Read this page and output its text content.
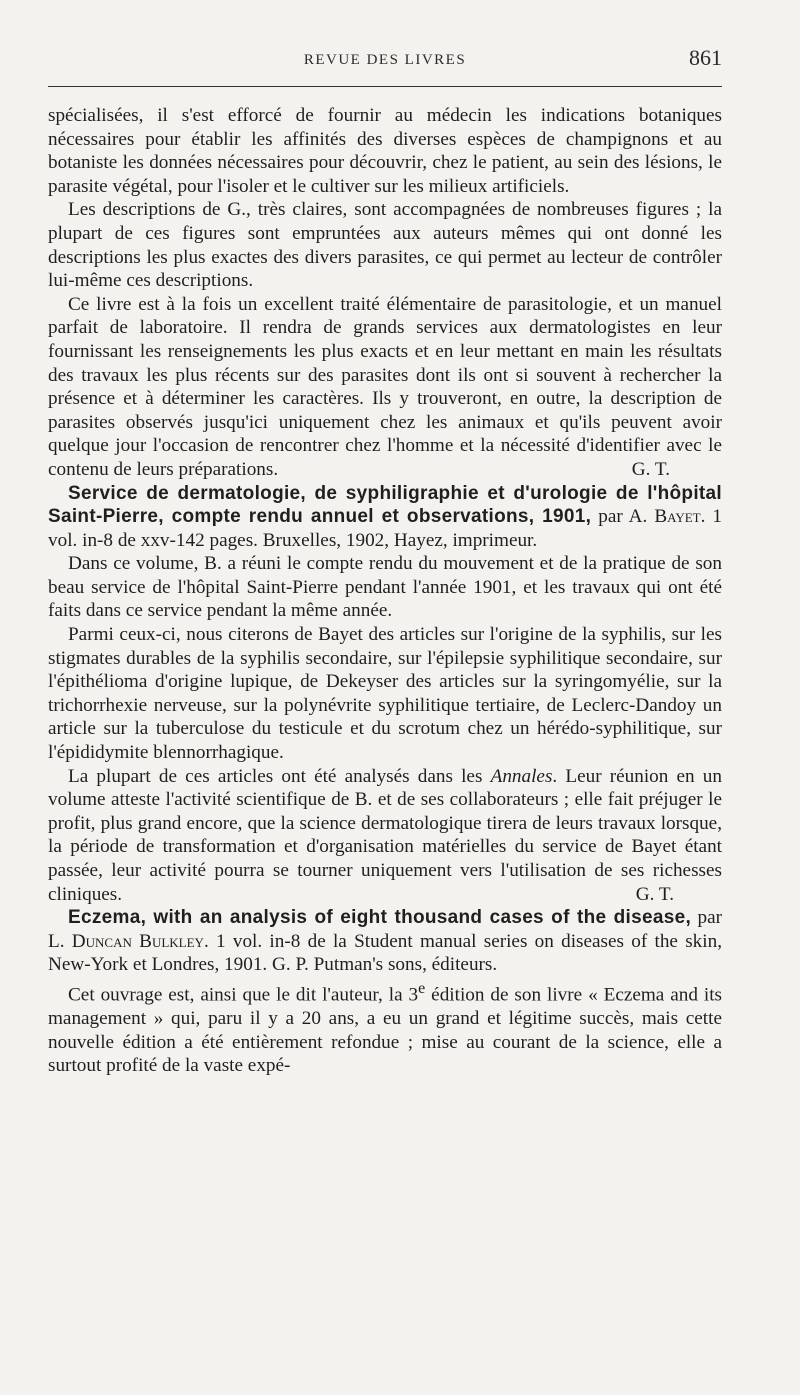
REVUE DES LIVRES	861

spécialisées, il s'est efforcé de fournir au médecin les indications botaniques nécessaires pour établir les affinités des diverses espèces de champignons et au botaniste les données nécessaires pour découvrir, chez le patient, au sein des lésions, le parasite végétal, pour l'isoler et le cultiver sur les milieux artificiels.

Les descriptions de G., très claires, sont accompagnées de nombreuses figures ; la plupart de ces figures sont empruntées aux auteurs mêmes qui ont donné les descriptions les plus exactes des divers parasites, ce qui permet au lecteur de contrôler lui-même ces descriptions.

Ce livre est à la fois un excellent traité élémentaire de parasitologie, et un manuel parfait de laboratoire. Il rendra de grands services aux dermatologistes en leur fournissant les renseignements les plus exacts et en leur mettant en main les résultats des travaux les plus récents sur des parasites dont ils ont si souvent à rechercher la présence et à déterminer les caractères. Ils y trouveront, en outre, la description de parasites observés jusqu'ici uniquement chez les animaux et qu'ils peuvent avoir quelque jour l'occasion de rencontrer chez l'homme et la nécessité d'identifier avec le contenu de leurs préparations.	G. T.

Service de dermatologie, de syphiligraphie et d'urologie de l'hôpital Saint-Pierre, compte rendu annuel et observations, 1901, par A. Bayet. 1 vol. in-8 de xxv-142 pages. Bruxelles, 1902, Hayez, imprimeur.

Dans ce volume, B. a réuni le compte rendu du mouvement et de la pratique de son beau service de l'hôpital Saint-Pierre pendant l'année 1901, et les travaux qui ont été faits dans ce service pendant la même année.

Parmi ceux-ci, nous citerons de Bayet des articles sur l'origine de la syphilis, sur les stigmates durables de la syphilis secondaire, sur l'épilepsie syphilitique secondaire, sur l'épithélioma d'origine lupique, de Dekeyser des articles sur la syringomyélie, sur la trichorrhexie nerveuse, sur la polynévrite syphilitique tertiaire, de Leclerc-Dandoy un article sur la tuberculose du testicule et du scrotum chez un hérédo-syphilitique, sur l'épididymite blennorrhagique.

La plupart de ces articles ont été analysés dans les Annales. Leur réunion en un volume atteste l'activité scientifique de B. et de ses collaborateurs ; elle fait préjuger le profit, plus grand encore, que la science dermatologique tirera de leurs travaux lorsque, la période de transformation et d'organisation matérielles du service de Bayet étant passée, leur activité pourra se tourner uniquement vers l'utilisation de ses richesses cliniques.	G. T.

Eczema, with an analysis of eight thousand cases of the disease, par L. Duncan Bulkley. 1 vol. in-8 de la Student manual series on diseases of the skin, New-York et Londres, 1901. G. P. Putman's sons, éditeurs.

Cet ouvrage est, ainsi que le dit l'auteur, la 3e édition de son livre « Eczema and its management » qui, paru il y a 20 ans, a eu un grand et légitime succès, mais cette nouvelle édition a été entièrement refondue ; mise au courant de la science, elle a surtout profité de la vaste expé-
